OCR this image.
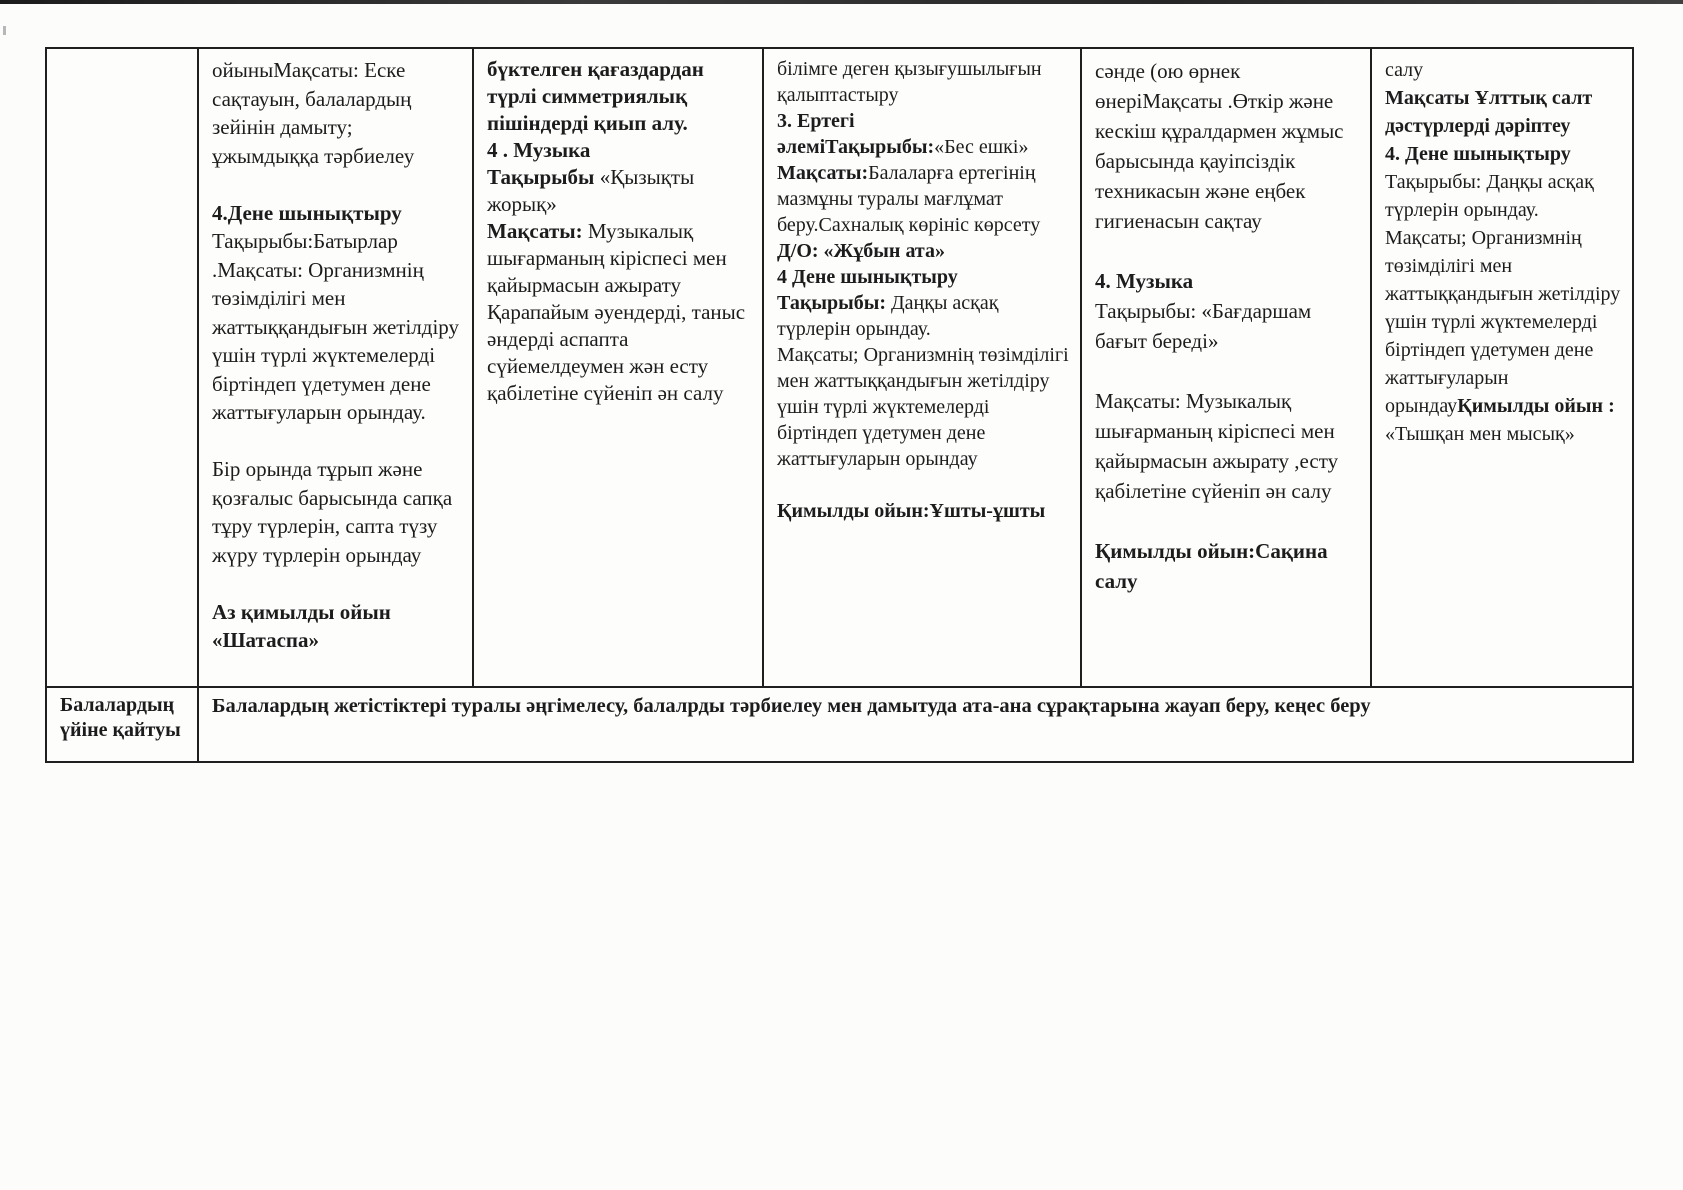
ойыныМақсаты: Еске сақтауын, балалардың зейінін дамыту; ұжымдыққа тәрбиелеу

4.Дене шынықтыру
Тақырыбы:Батырлар .Мақсаты: Организмнің төзімділігі мен жаттыққандығын жетілдіру үшін түрлі жүктемелерді біртіндеп үдетумен дене жаттығуларын орындау.

Бір орында тұрып және қозғалыс барысында сапқа тұру түрлерін, сапта түзу жүру түрлерін орындау

Аз қимылды ойын «Шатаспа»
бүктелген қағаздардан түрлі симметриялық пішіндерді қиып алу.
4 . Музыка
Тақырыбы «Қызықты жорық»
Мақсаты: Музыкалық шығарманың кіріспесі мен қайырмасын ажырату Қарапайым әуендерді, таныс әндерді аспапта сүйемелдеумен жән есту қабілетіне сүйеніп ән салу
білімге деген қызығушылығын қалыптастыру
3. Ертегі
әлеміТақырыбы:«Бес ешкі»
Мақсаты:Балаларға ертегінің мазмұны туралы мағлұмат беру.Сахналық көрініс көрсету
Д/О: «Жұбын ата»
4 Дене шынықтыру
Тақырыбы: Даңқы асқақ түрлерін орындау.
Мақсаты; Организмнің төзімділігі мен жаттыққандығын жетілдіру үшін түрлі жүктемелерді біртіндеп үдетумен дене жаттығуларын орындау

Қимылды ойын:Ұшты-ұшты
сәнде (ою өрнек өнеріМақсаты .Өткір және кескіш құралдармен жұмыс барысында қауіпсіздік техникасын және еңбек гигиенасын сақтау

4. Музыка
Тақырыбы: «Бағдаршам бағыт береді»

Мақсаты: Музыкалық шығарманың кіріспесі мен қайырмасын ажырату ,есту қабілетіне сүйеніп ән салу

Қимылды ойын:Сақина салу
салу
Мақсаты Ұлттық салт дәстүрлерді дәріптеу
4. Дене шынықтыру
Тақырыбы: Даңқы асқақ түрлерін орындау.
Мақсаты; Организмнің төзімділігі мен жаттыққандығын жетілдіру үшін түрлі жүктемелерді біртіндеп үдетумен дене жаттығуларын орындауҚимылды ойын : «Тышқан мен мысық»
Балалардың үйіне қайтуы
Балалардың жетістіктері туралы әңгімелесу, балалрды тәрбиелеу мен дамытуда ата-ана сұрақтарына жауап беру, кеңес беру
